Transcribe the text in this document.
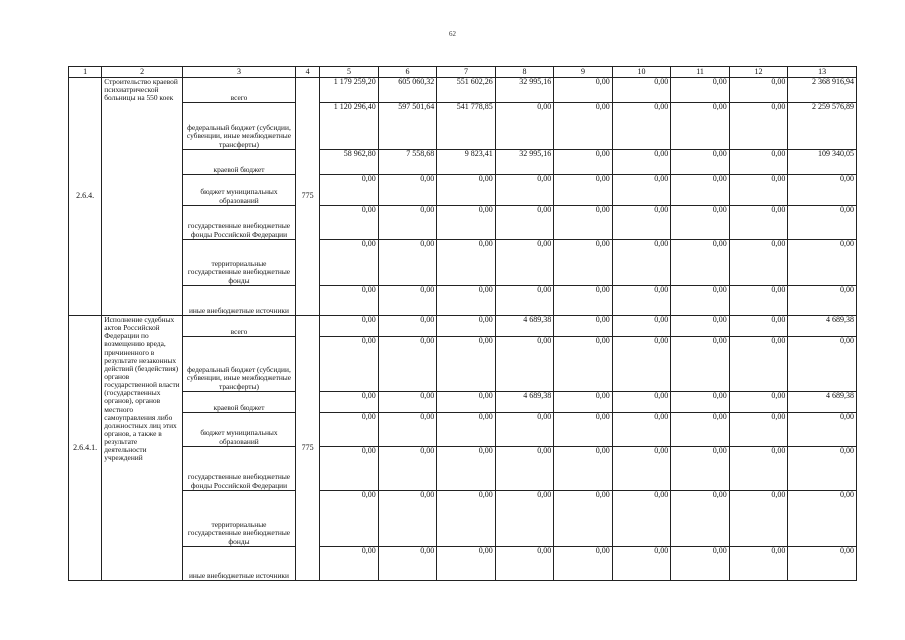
62
1	2	3	4	5	6	7	8	9	10	11	12	13
2.6.4.	Строительство краевой психиатрической больницы на 550 коек	всего	775	1 179 259,20	605 060,32	551 602,26	32 995,16	0,00	0,00	0,00	0,00	2 368 916,94
		федеральный бюджет (субсидии, субвенции, иные межбюджетные трансферты)		1 120 296,40	597 501,64	541 778,85	0,00	0,00	0,00	0,00	0,00	2 259 576,89
		краевой бюджет		58 962,80	7 558,68	9 823,41	32 995,16	0,00	0,00	0,00	0,00	109 340,05
		бюджет муниципальных образований		0,00	0,00	0,00	0,00	0,00	0,00	0,00	0,00	0,00
		государственные внебюджетные фонды Российской Федерации		0,00	0,00	0,00	0,00	0,00	0,00	0,00	0,00	0,00
		территориальные государственные внебюджетные фонды		0,00	0,00	0,00	0,00	0,00	0,00	0,00	0,00	0,00
		иные внебюджетные источники		0,00	0,00	0,00	0,00	0,00	0,00	0,00	0,00	0,00
2.6.4.1.	Исполнение судебных актов Российской Федерации по возмещению вреда, причиненного в результате незаконных действий (бездействия) органов государственной власти (государственных органов), органов местного самоуправления либо должностных лиц этих органов, а также в результате деятельности учреждений	всего	775	0,00	0,00	0,00	4 689,38	0,00	0,00	0,00	0,00	4 689,38
		федеральный бюджет (субсидии, субвенции, иные межбюджетные трансферты)		0,00	0,00	0,00	0,00	0,00	0,00	0,00	0,00	0,00
		краевой бюджет		0,00	0,00	0,00	4 689,38	0,00	0,00	0,00	0,00	4 689,38
		бюджет муниципальных образований		0,00	0,00	0,00	0,00	0,00	0,00	0,00	0,00	0,00
		государственные внебюджетные фонды Российской Федерации		0,00	0,00	0,00	0,00	0,00	0,00	0,00	0,00	0,00
		территориальные государственные внебюджетные фонды		0,00	0,00	0,00	0,00	0,00	0,00	0,00	0,00	0,00
		иные внебюджетные источники		0,00	0,00	0,00	0,00	0,00	0,00	0,00	0,00	0,00
